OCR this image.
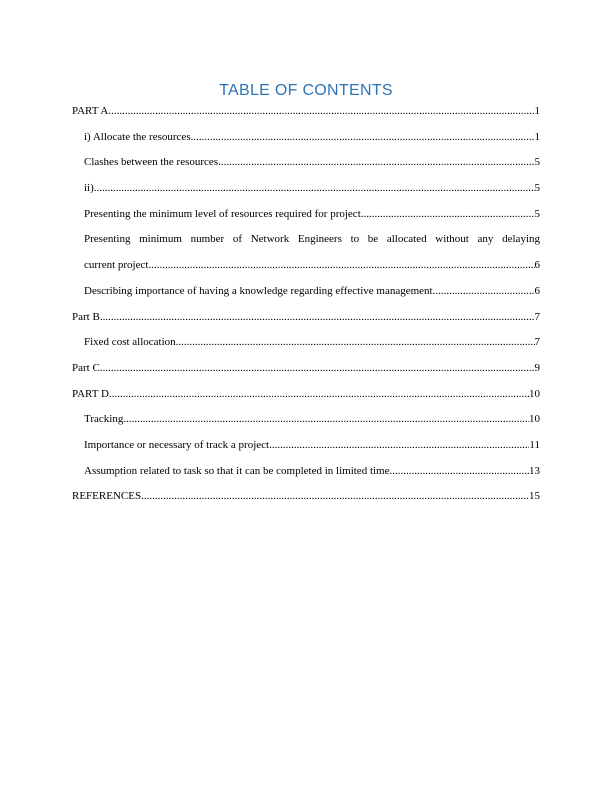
TABLE OF CONTENTS
PART A .....	1
i) Allocate the resources .....	1
Clashes between the resources .....	5
ii) .....	5
Presenting the minimum level of resources required for project .....	5
Presenting minimum number of Network Engineers to be allocated without any delaying
current project .....	6
Describing importance of having a knowledge regarding effective management .....	6
Part B .....	7
Fixed cost allocation .....	7
Part C .....	9
PART D .....	10
Tracking .....	10
Importance or necessary of track a project .....	11
Assumption related to task so that it can be completed in limited time .....	13
REFERENCES .....	15
